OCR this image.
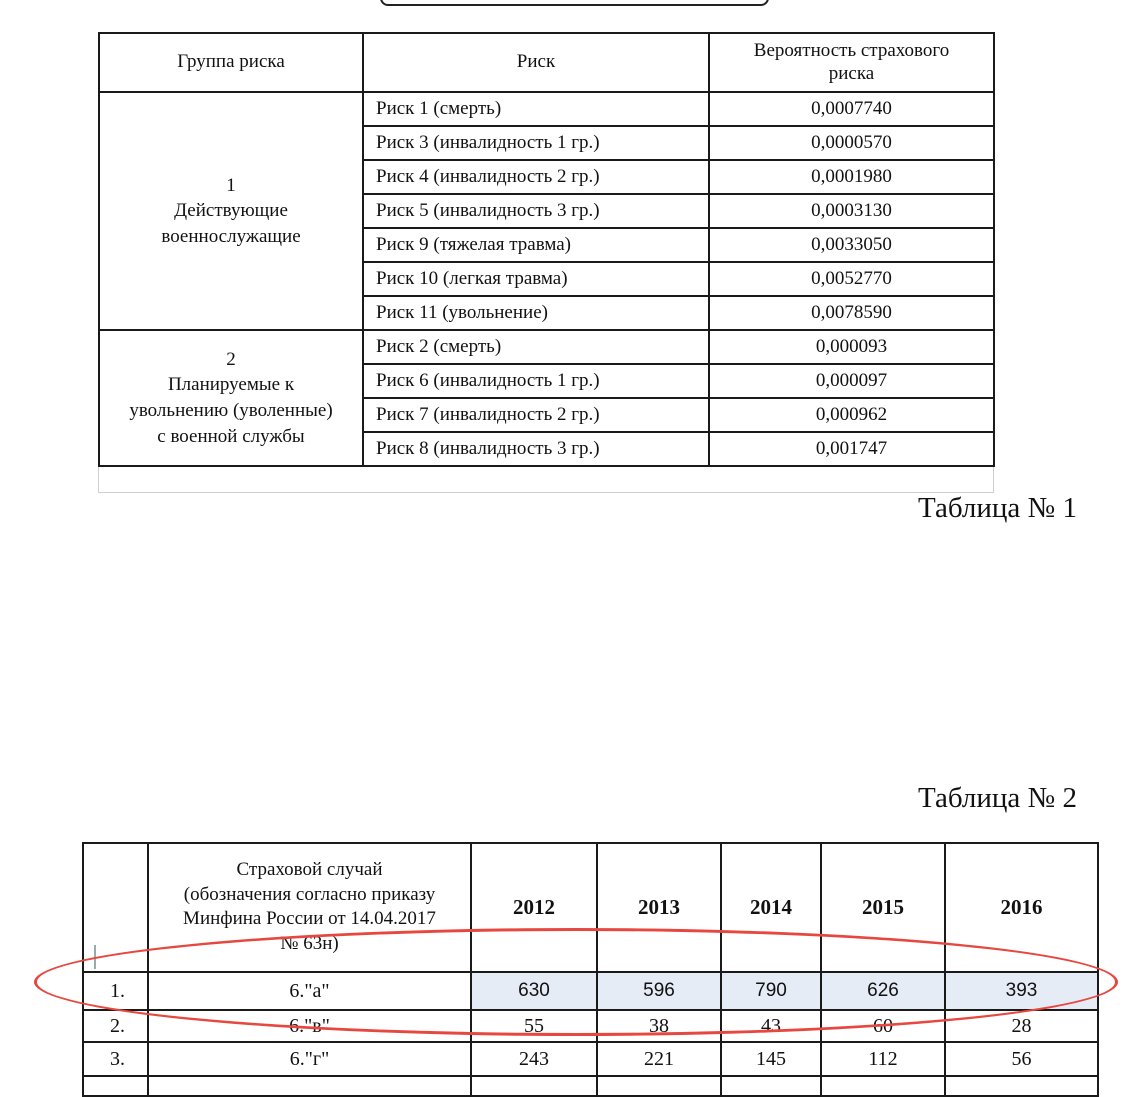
Группа риска	Риск	Вероятность страхового
риска

1
Действующие
военнослужащие	Риск 1 (смерть)	0,0007740
	Риск 3 (инвалидность 1 гр.)	0,0000570
	Риск 4 (инвалидность 2 гр.)	0,0001980
	Риск 5 (инвалидность 3 гр.)	0,0003130
	Риск 9 (тяжелая травма)	0,0033050
	Риск 10 (легкая травма)	0,0052770
	Риск 11 (увольнение)	0,0078590

2
Планируемые к
увольнению (уволенные)
с военной службы	Риск 2 (смерть)	0,000093
	Риск 6 (инвалидность 1 гр.)	0,000097
	Риск 7 (инвалидность 2 гр.)	0,000962
	Риск 8 (инвалидность 3 гр.)	0,001747
Таблица № 1
Таблица № 2

	Страховой случай
(обозначения согласно приказу
Минфина России от 14.04.2017
№ 63н)	2012	2013	2014	2015	2016
1.	6."а"	630	596	790	626	393
2.	6."в"	55	38	43	60	28
3.	6."г"	243	221	145	112	56
